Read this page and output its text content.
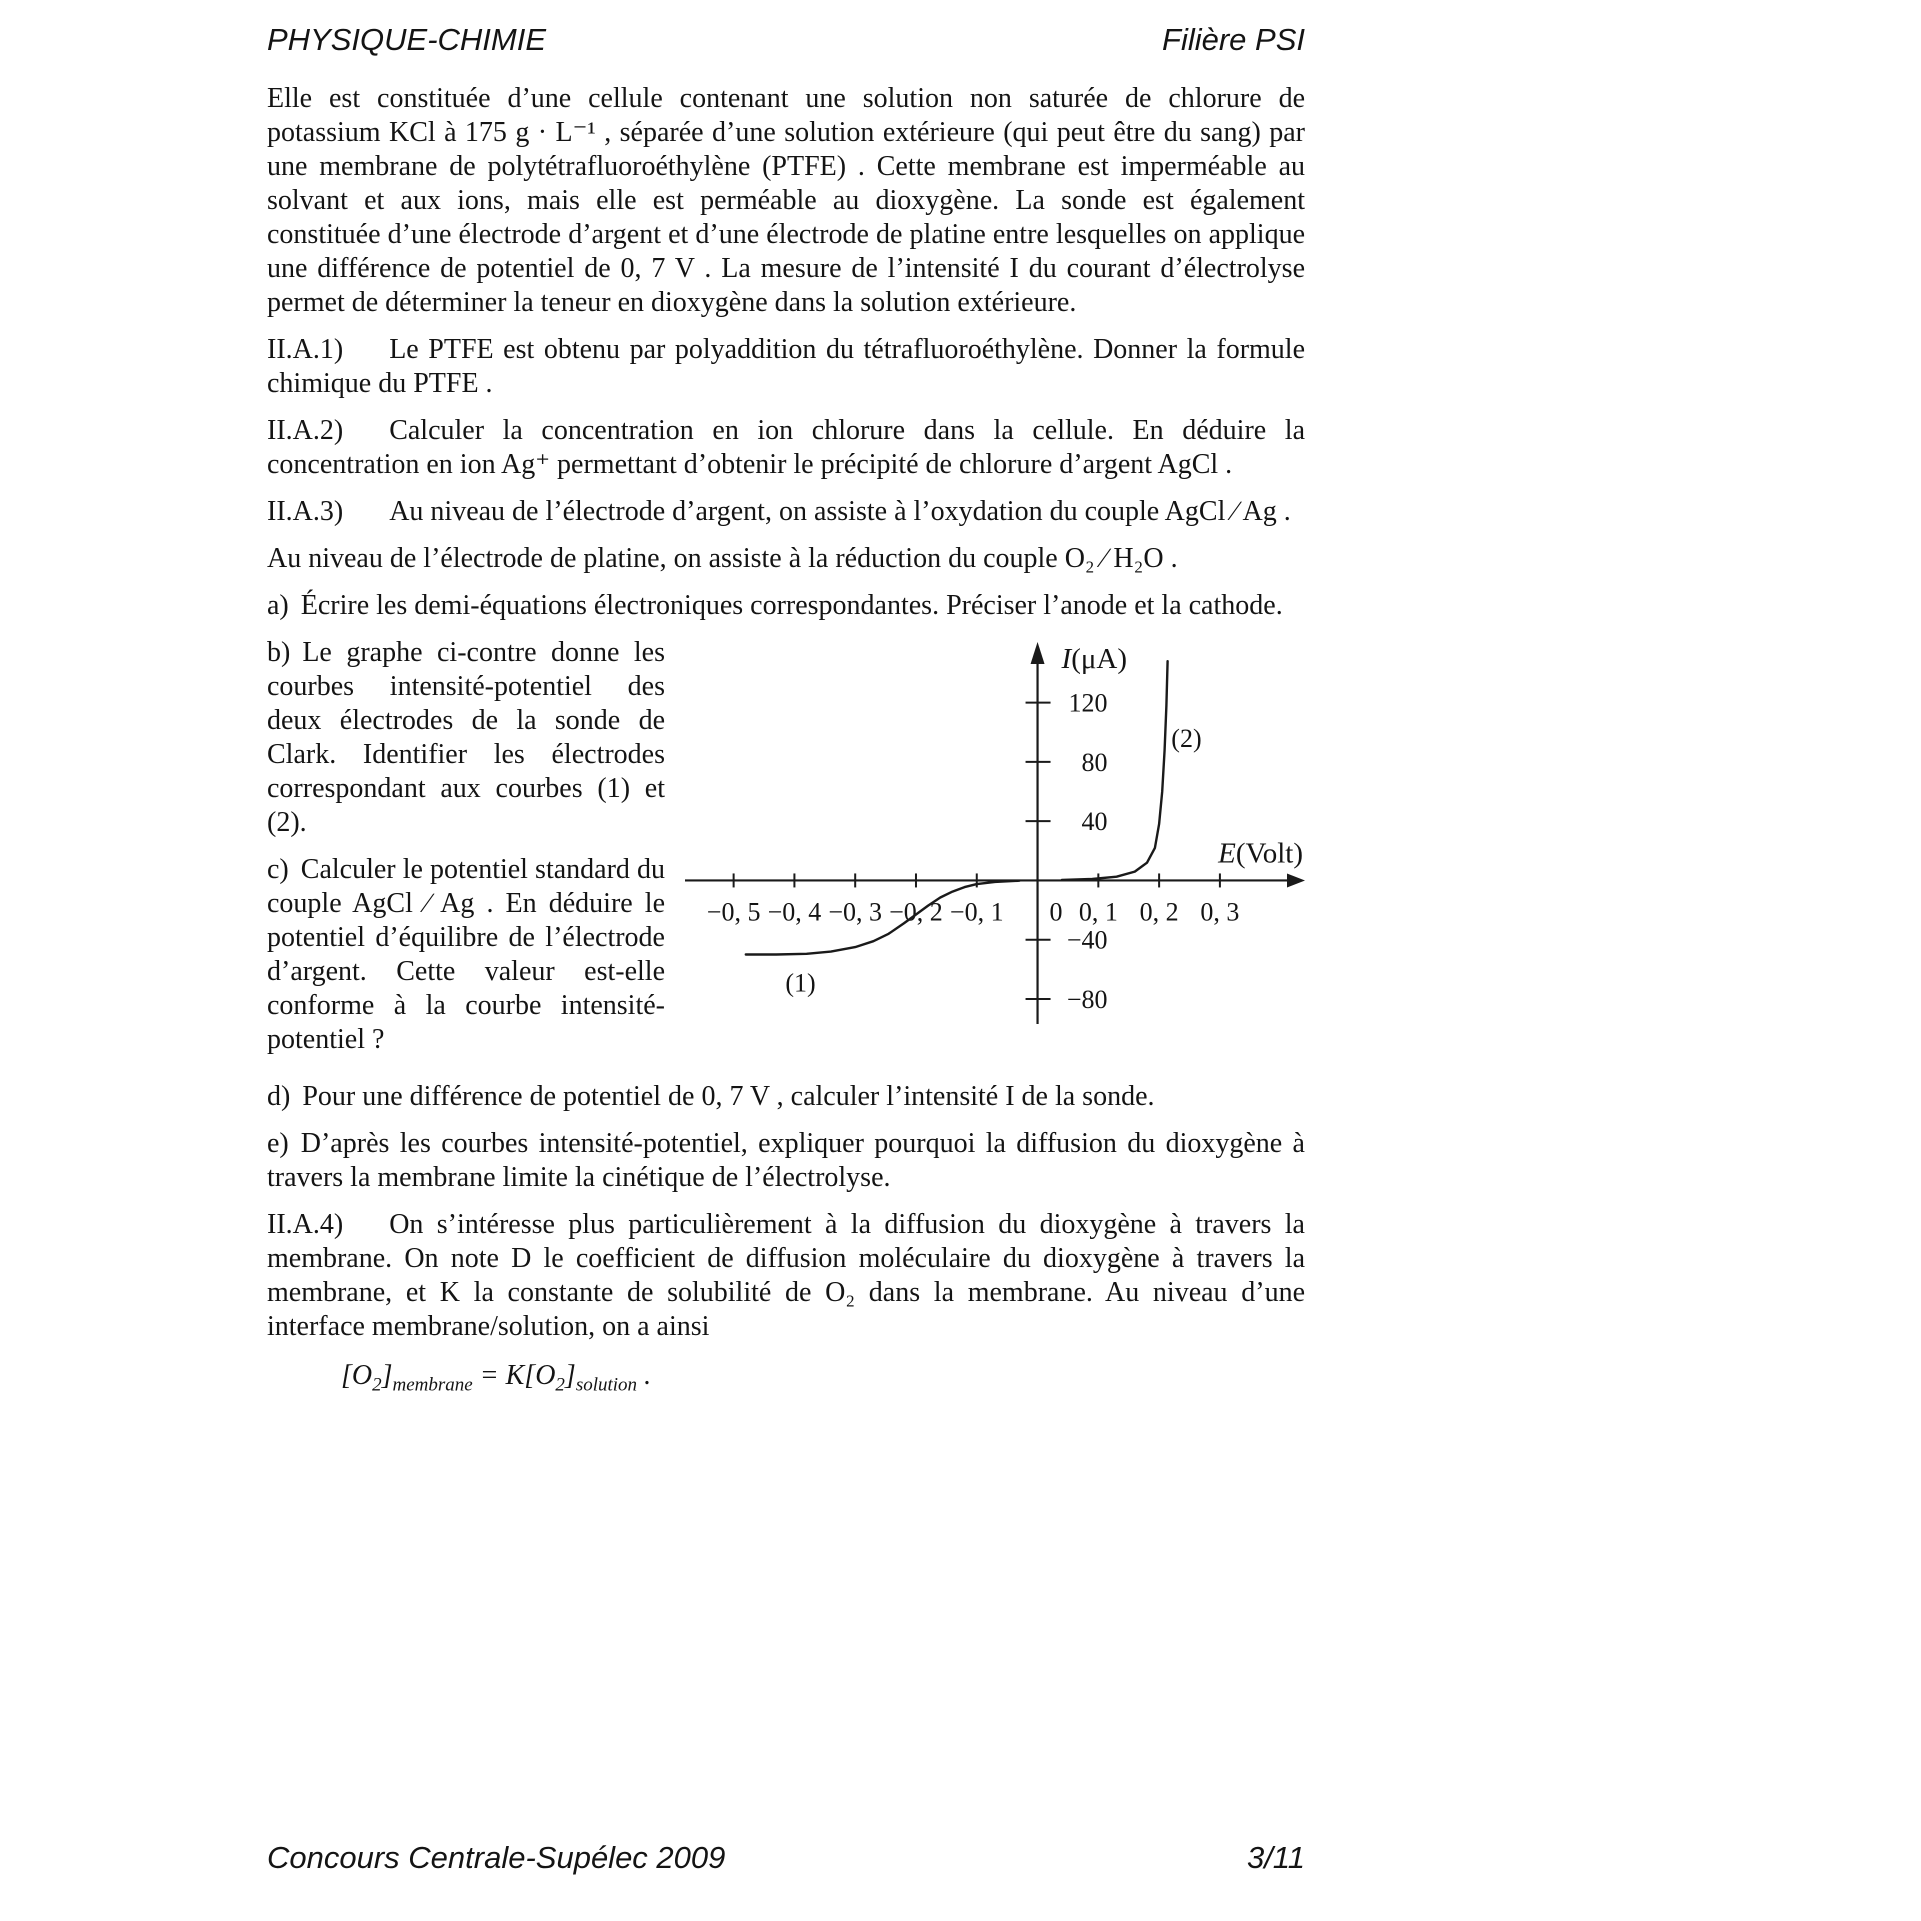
PHYSIQUE-CHIMIE	Filière PSI

Elle est constituée d’une cellule contenant une solution non saturée de chlorure de potassium KCl à 175 g · L⁻¹ , séparée d’une solution extérieure (qui peut être du sang) par une membrane de polytétrafluoroéthylène (PTFE) . Cette membrane est imperméable au solvant et aux ions, mais elle est perméable au dioxygène. La sonde est également constituée d’une électrode d’argent et d’une électrode de platine entre lesquelles on applique une différence de potentiel de 0, 7 V . La mesure de l’intensité I du courant d’électrolyse permet de déterminer la teneur en dioxygène dans la solution extérieure.

II.A.1) Le PTFE est obtenu par polyaddition du tétrafluoroéthylène. Donner la formule chimique du PTFE .

II.A.2) Calculer la concentration en ion chlorure dans la cellule. En déduire la concentration en ion Ag⁺ permettant d’obtenir le précipité de chlorure d’argent AgCl .

II.A.3) Au niveau de l’électrode d’argent, on assiste à l’oxydation du couple AgCl ∕ Ag .

Au niveau de l’électrode de platine, on assiste à la réduction du couple O₂ ∕ H₂O .

a) Écrire les demi-équations électroniques correspondantes. Préciser l’anode et la cathode.

b) Le graphe ci-contre donne les courbes intensité-potentiel des deux électrodes de la sonde de Clark. Identifier les électrodes correspondant aux courbes (1) et (2).

c) Calculer le potentiel standard du couple AgCl ∕ Ag . En déduire le potentiel d’équilibre de l’électrode d’argent. Cette valeur est-elle conforme à la courbe intensité-potentiel ?

120
80
40
−40
−80
−0, 5 −0, 4 −0, 3 −0, 2 −0, 1	0, 1 0, 2 0, 3
0
I(μA)
E(Volt)
(1)
(2)

d) Pour une différence de potentiel de 0, 7 V , calculer l’intensité I de la sonde.

e) D’après les courbes intensité-potentiel, expliquer pourquoi la diffusion du dioxygène à travers la membrane limite la cinétique de l’électrolyse.

II.A.4) On s’intéresse plus particulièrement à la diffusion du dioxygène à travers la membrane. On note D le coefficient de diffusion moléculaire du dioxygène à travers la membrane, et K la constante de solubilité de O₂ dans la membrane. Au niveau d’une interface membrane/solution, on a ainsi

$[O_2]_{membrane} = K[O_2]_{solution}$ .
Concours Centrale-Supélec 2009	3/11
